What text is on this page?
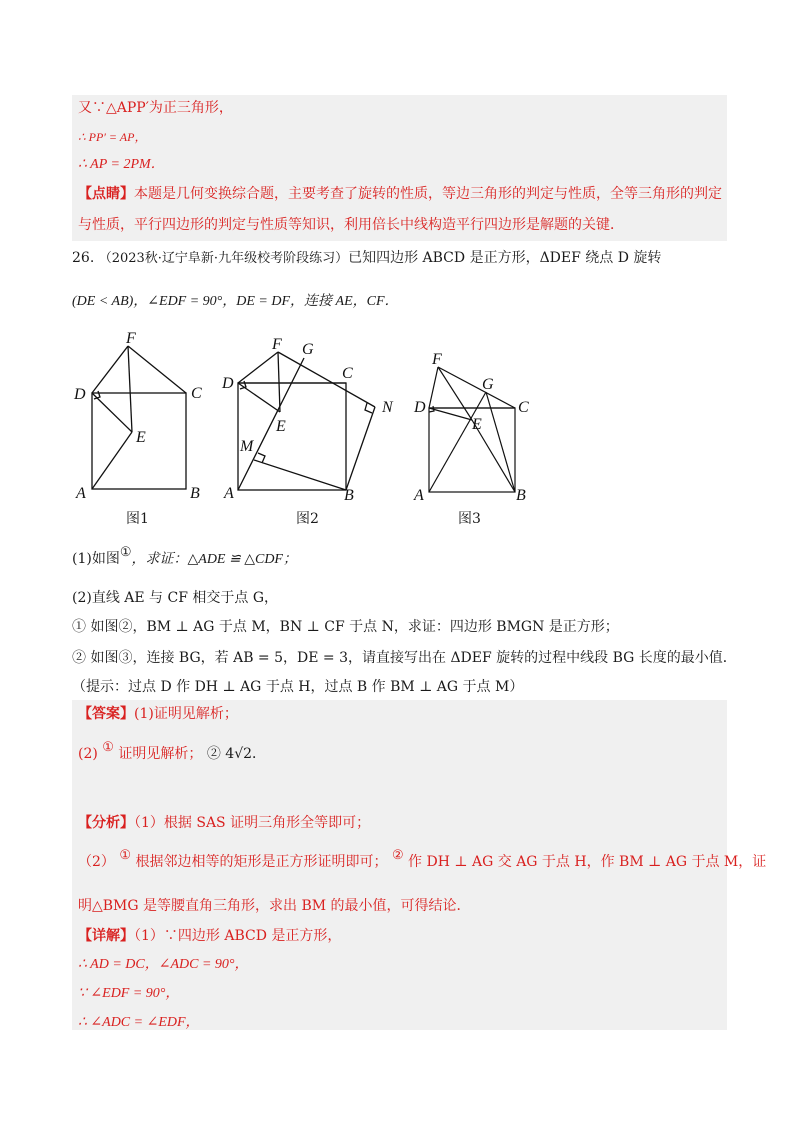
又∵△APP′为正三角形，
∴ PP′ = AP，
∴ AP = 2PM．
【点睛】本题是几何变换综合题，主要考查了旋转的性质，等边三角形的判定与性质，全等三角形的判定
与性质，平行四边形的判定与性质等知识，利用倍长中线构造平行四边形是解题的关键．
26. （2023秋·辽宁阜新·九年级校考阶段练习）已知四边形 ABCD 是正方形，ΔDEF 绕点 D 旋转
(DE < AB)，∠EDF = 90°，DE = DF，连接 AE，CF．
F
D	C
E
A	B
图1
F G
D
C
N
E
M
A	B
图2
F
G
D	C
E
A	B
图3
(1)如图①，求证：△ADE ≌ △CDF；
(2)直线 AE 与 CF 相交于点 G，
① 如图②，BM ⊥ AG 于点 M，BN ⊥ CF 于点 N，求证：四边形 BMGN 是正方形；
② 如图③，连接 BG，若 AB = 5，DE = 3，请直接写出在 ΔDEF 旋转的过程中线段 BG 长度的最小值．
（提示：过点 D 作 DH ⊥ AG 于点 H，过点 B 作 BM ⊥ AG 于点 M）
【答案】(1)证明见解析；
(2) ① 证明见解析； ② 4√2．
【分析】（1）根据 SAS 证明三角形全等即可；
（2） ① 根据邻边相等的矩形是正方形证明即可； ② 作 DH ⊥ AG 交 AG 于点 H，作 BM ⊥ AG 于点 M，证
明△BMG 是等腰直角三角形，求出 BM 的最小值，可得结论．
【详解】（1）∵四边形 ABCD 是正方形，
∴ AD = DC，∠ADC = 90°，
∵ ∠EDF = 90°，
∴ ∠ADC = ∠EDF，
